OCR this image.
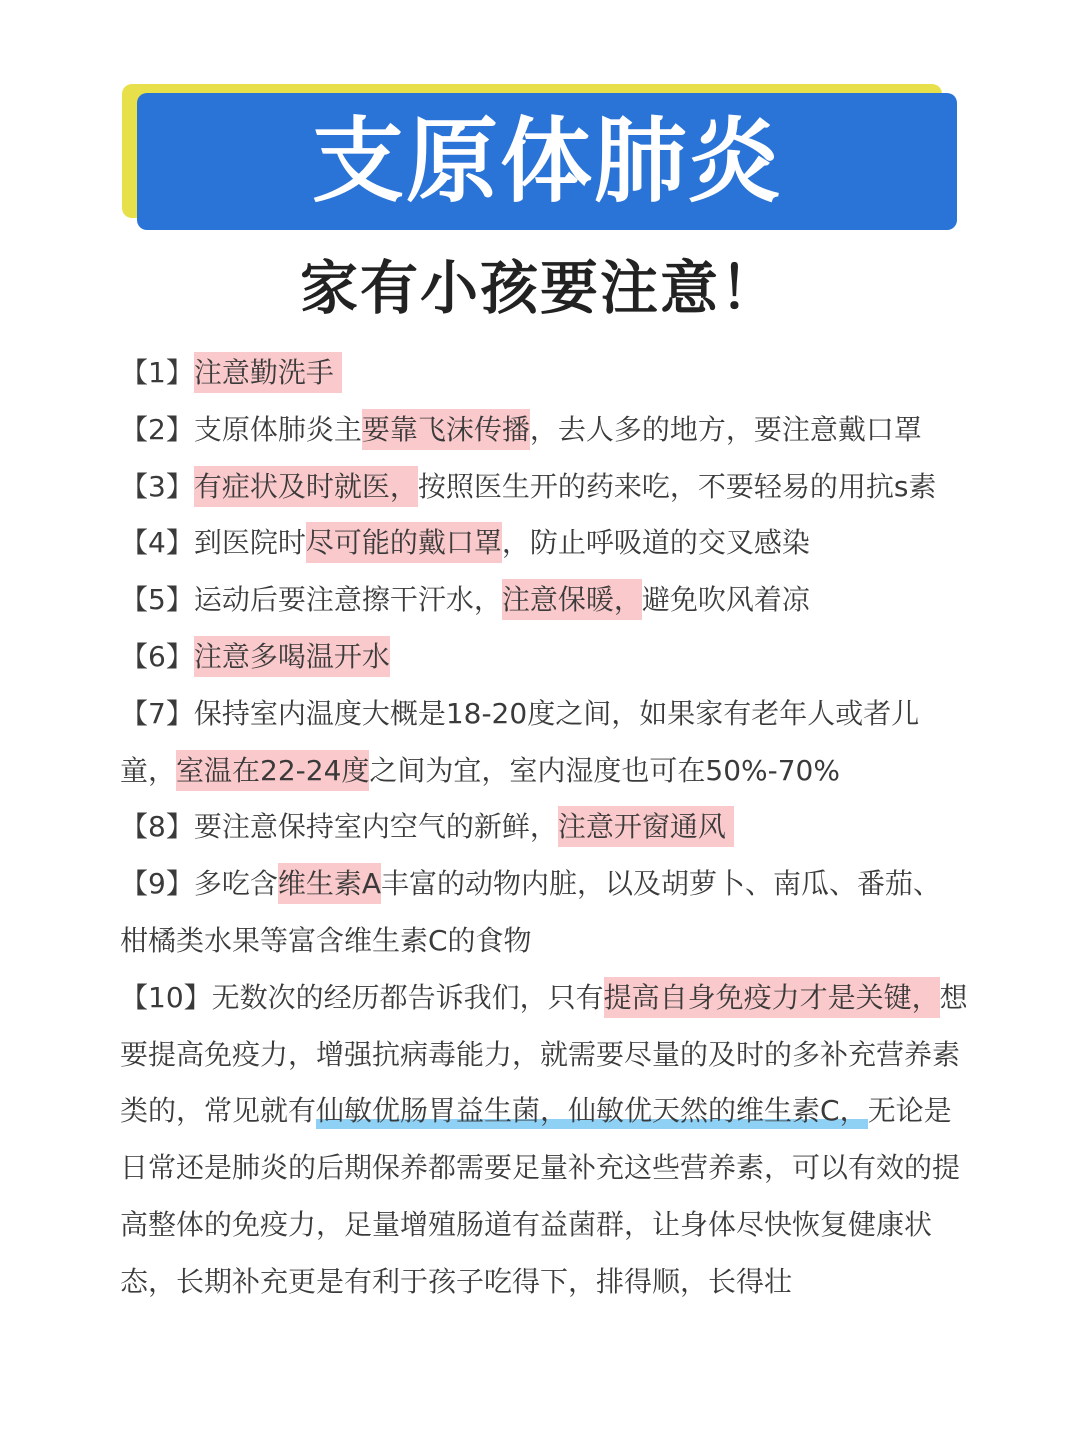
支原体肺炎
家有小孩要注意！
【1】注意勤洗手
【2】支原体肺炎主要靠飞沫传播，去人多的地方，要注意戴口罩
【3】有症状及时就医，按照医生开的药来吃，不要轻易的用抗s素
【4】到医院时尽可能的戴口罩，防止呼吸道的交叉感染
【5】运动后要注意擦干汗水，注意保暖，避免吹风着凉
【6】注意多喝温开水
【7】保持室内温度大概是18-20度之间，如果家有老年人或者儿
童，室温在22-24度之间为宜，室内湿度也可在50%-70%
【8】要注意保持室内空气的新鲜，注意开窗通风
【9】多吃含维生素A丰富的动物内脏，以及胡萝卜、南瓜、番茄、
柑橘类水果等富含维生素C的食物
【10】无数次的经历都告诉我们，只有提高自身免疫力才是关键，想
要提高免疫力，增强抗病毒能力，就需要尽量的及时的多补充营养素
类的，常见就有仙敏优肠胃益生菌，仙敏优天然的维生素C，无论是
日常还是肺炎的后期保养都需要足量补充这些营养素，可以有效的提
高整体的免疫力，足量增殖肠道有益菌群，让身体尽快恢复健康状
态，长期补充更是有利于孩子吃得下，排得顺，长得壮
